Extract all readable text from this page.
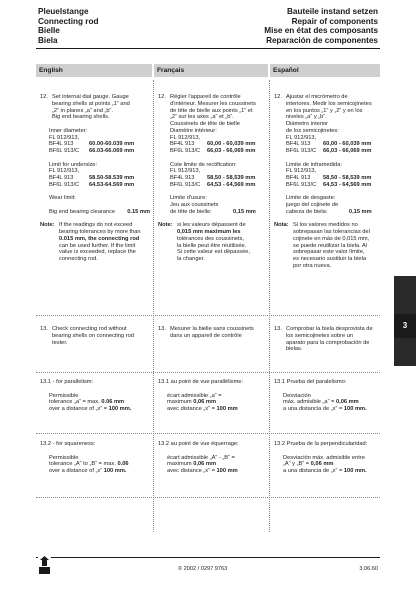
Pleuelstange
Connecting rod
Bielle
Biela
Bauteile instand setzen
Repair of components
Mise en état des composants
Reparación de componentes
English	Français	Español
12. Set internal dial gauge. Gauge
bearing shells at points „1“ and
„2“ in planes „a“ and „b“.
Big end bearing shells.
Inner diameter:
FL 912/913,
BF4L 913	60.00-60.039 mm
BF6L 913/C	66.03-66.069 mm
Limit for undersize:
FL 912/913,
BF4L 913	58.50-58.539 mm
BF6L 913/C	64.53-64.569 mm
Wear limit:
Big end bearing clearance 0.15 mm
Note: If the readings do not exceed
bearing tolerances by more than
0.015 mm, the connecting rod
can be used further. If the limit
value is exceeded, replace the
connecting rod.
12. Régler l'appareil de contrôle
d'intérieur. Mesurer les coussinets
de tête de bielle aux points „1“ et
„2“ sur les axes „a“ et „b“.
Coussinets de tête de bielle
Diamètre intérieur:
FL 912/913,
BF4L 913	60,00 - 60,039 mm
BF6L 913/C	66,03 - 66,069 mm
Cote limite de rectification:
FL 912/913,
BF4L 913	58,50 - 58,539 mm
BF6L 913/C	64,53 - 64,569 mm
Limite d'usure:
Jeu aux coussinets
de tête de bielle:	0,15 mm
Note: si les valeurs dépassent de
0,015 mm maximum les
tolérances des coussinets,
la bielle peut être réutilisée.
Si cette valeur est dépassée,
la changer.
12. Ajustar el micrómetro de
interiores. Medir los semicojinetes
en los puntos „1“ y „2“ y en los
niveles „a“ y „b“.
Diámetro interior
de los semicojinetes:
FL 912/913,
BF4L 913	60,00 - 60,039 mm
BF6L 913/C	66,03 - 66,069 mm
Limite de inframedida:
FL 912/913,
BF4L 913	58,50 - 58,539 mm
BF6L 913/C	64,53 - 64,569 mm
Limite de desgaste:
juego del cojinete de
cabeza de biela:	0,15 mm
Nota: Si los valores medidos no
sobrepasan las tolerancias del
cojinete en más de 0,015 mm,
se puede reutilizar la biela. Al
sobrepasar este valor límite,
es necesario sustituir la biela
por otra nueva.
13. Check connecting rod without
bearing shells on connecting rod
tester.
13. Mesurer la bielle sans coussinets
dans un appareil de contrôle
13. Comprobar la biela desprovista de
los semicojinetes sobre un
aparato para la comprobación de
bielas.
13.1 - for parallelism:
Permissible
tolerance „a“ = max. 0.06 mm
over a distance of „x“ = 100 mm.
13.1 au point de vue parallélisme:
écart admissible „a“ =
maximum 0,06 mm
avec distance „x“ = 100 mm
13.1 Prueba del paralelismo:
Desviación
máx. admisible „a“ = 0,06 mm
a una distancia de „x“ = 100 mm.
13.2 - for squareness:
Permissible
tolerance „A“ to „B“ = max. 0.06
over a distance of „x“ 100 mm.
13.2 au point de vue équerrage:
écart admissible „A“ - „B“ =
maximum 0,06 mm
avec distance „x“ = 100 mm
13.2 Prueba de la perpendicularidad:
Desviación máx. admisible entre
„A“ y „B“ = 0,06 mm
a una distancia de „x“ = 100 mm.
3
© 2002 / 0297 9763	3.06.60
